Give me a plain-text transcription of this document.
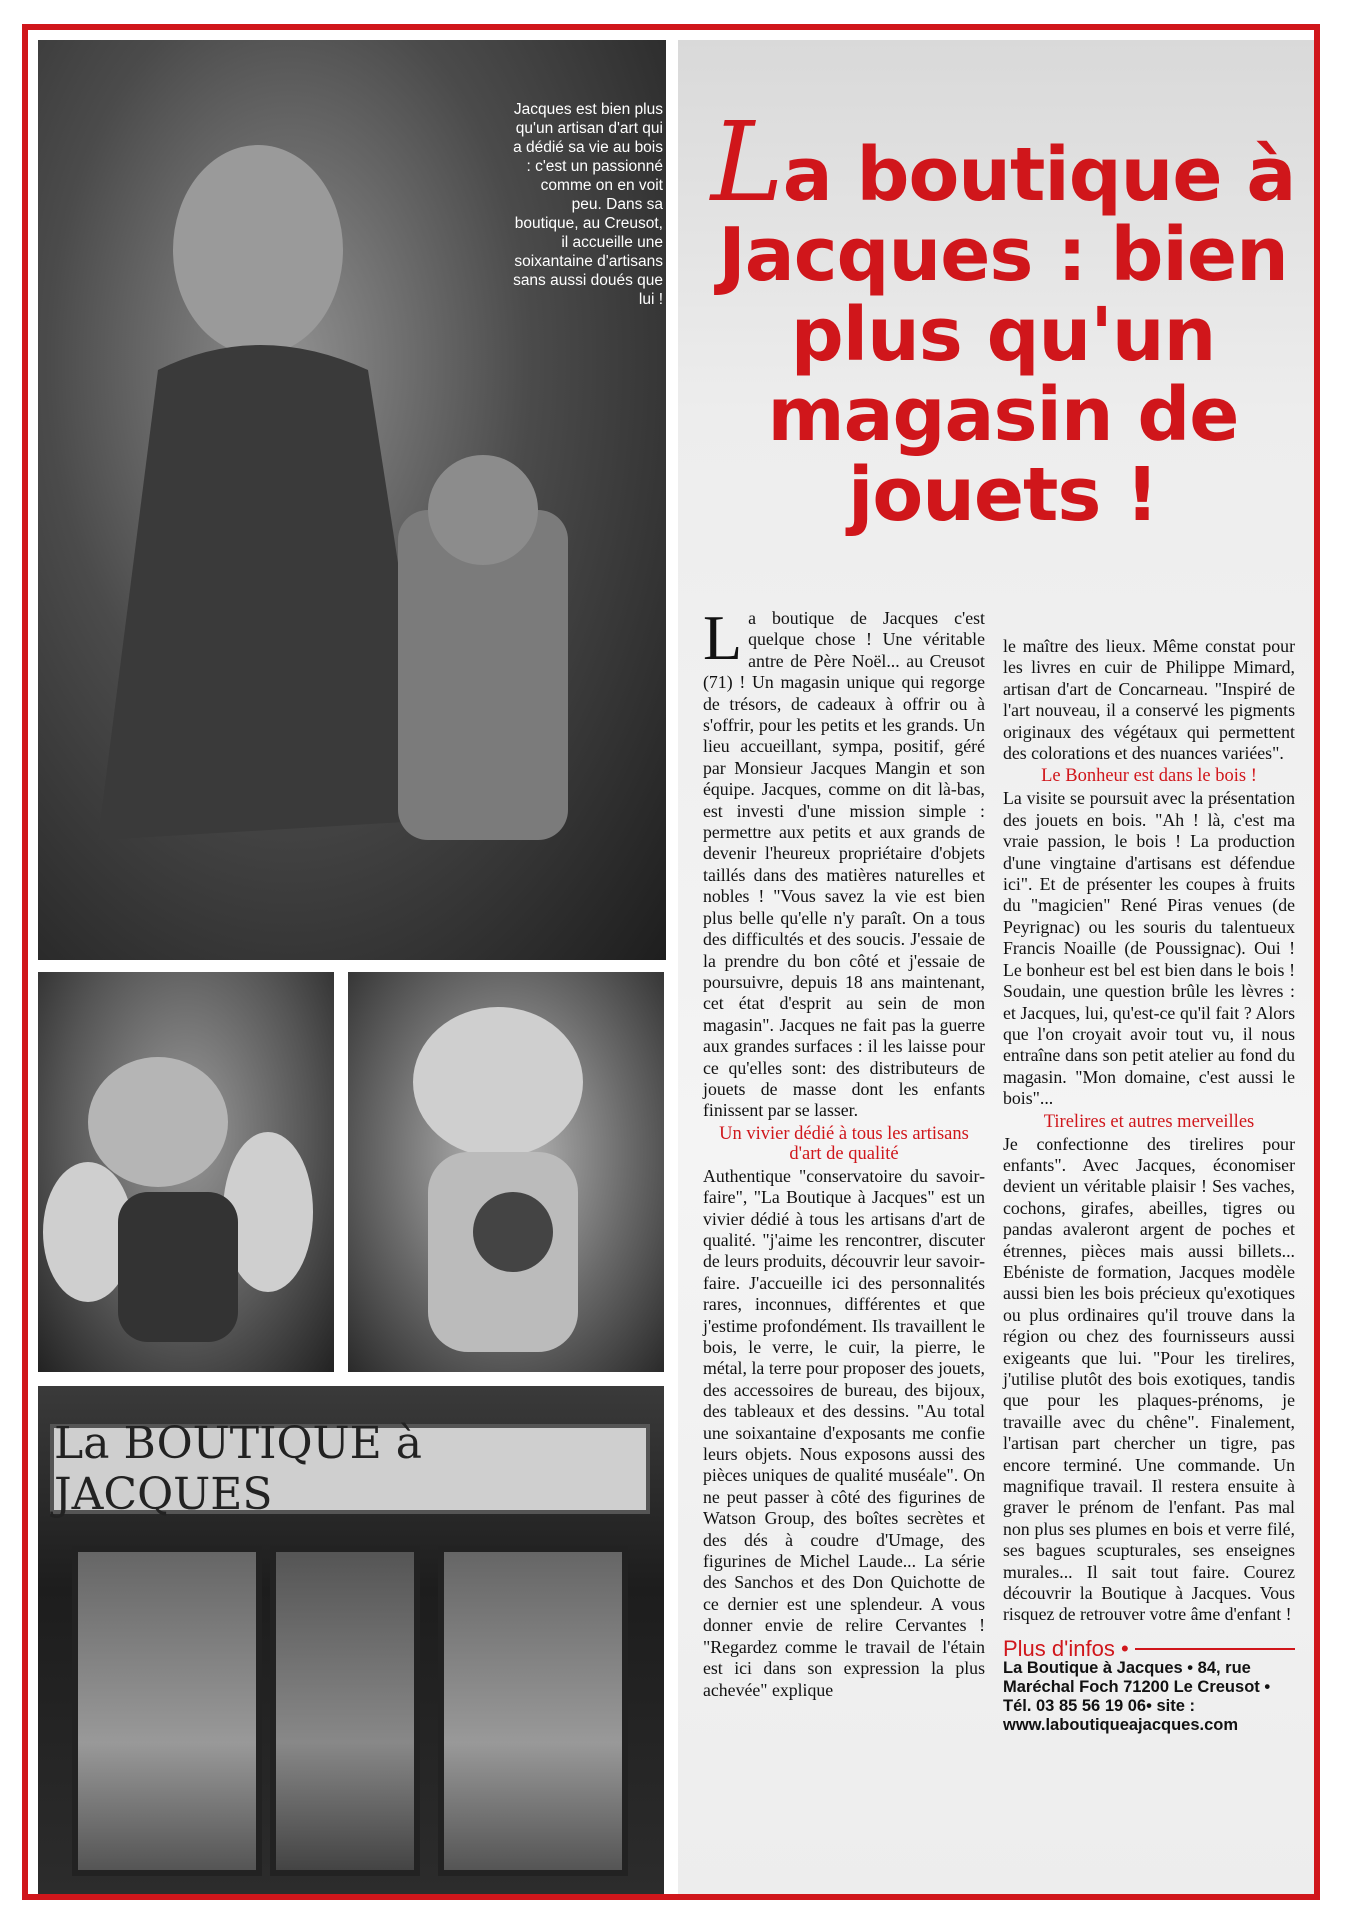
Jacques est bien plus qu'un artisan d'art qui a dédié sa vie au bois : c'est un passionné comme on en voit peu. Dans sa boutique, au Creusot, il accueille une soixantaine d'artisans sans aussi doués que lui !
La BOUTIQUE à JACQUES
La boutique à Jacques : bien plus qu'un magasin de jouets !

La boutique de Jacques c'est quelque chose ! Une véritable antre de Père Noël... au Creusot (71) ! Un magasin unique qui regorge de trésors, de cadeaux à offrir ou à s'offrir, pour les petits et les grands. Un lieu accueillant, sympa, positif, géré par Monsieur Jacques Mangin et son équipe. Jacques, comme on dit là-bas, est investi d'une mission simple : permettre aux petits et aux grands de devenir l'heureux propriétaire d'objets taillés dans des matières naturelles et nobles ! "Vous savez la vie est bien plus belle qu'elle n'y paraît. On a tous des difficultés et des soucis. J'essaie de la prendre du bon côté et j'essaie de poursuivre, depuis 18 ans maintenant, cet état d'esprit au sein de mon magasin". Jacques ne fait pas la guerre aux grandes surfaces : il les laisse pour ce qu'elles sont: des distributeurs de jouets de masse dont les enfants finissent par se lasser.

Un vivier dédié à tous les artisans d'art de qualité

Authentique "conservatoire du savoir-faire", "La Boutique à Jacques" est un vivier dédié à tous les artisans d'art de qualité. "j'aime les rencontrer, discuter de leurs produits, découvrir leur savoir-faire. J'accueille ici des personnalités rares, inconnues, différentes et que j'estime profondément. Ils travaillent le bois, le verre, le cuir, la pierre, le métal, la terre pour proposer des jouets, des accessoires de bureau, des bijoux, des tableaux et des dessins. "Au total une soixantaine d'exposants me confie leurs objets. Nous exposons aussi des pièces uniques de qualité muséale". On ne peut passer à côté des figurines de Watson Group, des boîtes secrètes et des dés à coudre d'Umage, des figurines de Michel Laude... La série des Sanchos et des Don Quichotte de ce dernier est une splendeur. A vous donner envie de relire Cervantes ! "Regardez comme le travail de l'étain est ici dans son expression la plus achevée" explique

le maître des lieux. Même constat pour les livres en cuir de Philippe Mimard, artisan d'art de Concarneau. "Inspiré de l'art nouveau, il a conservé les pigments originaux des végétaux qui permettent des colorations et des nuances variées".

Le Bonheur est dans le bois !

La visite se poursuit avec la présentation des jouets en bois. "Ah ! là, c'est ma vraie passion, le bois ! La production d'une vingtaine d'artisans est défendue ici". Et de présenter les coupes à fruits du "magicien" René Piras venues (de Peyrignac) ou les souris du talentueux Francis Noaille (de Poussignac). Oui ! Le bonheur est bel est bien dans le bois ! Soudain, une question brûle les lèvres : et Jacques, lui, qu'est-ce qu'il fait ? Alors que l'on croyait avoir tout vu, il nous entraîne dans son petit atelier au fond du magasin. "Mon domaine, c'est aussi le bois"...

Tirelires et autres merveilles

Je confectionne des tirelires pour enfants". Avec Jacques, économiser devient un véritable plaisir ! Ses vaches, cochons, girafes, abeilles, tigres ou pandas avaleront argent de poches et étrennes, pièces mais aussi billets... Ebéniste de formation, Jacques modèle aussi bien les bois précieux qu'exotiques ou plus ordinaires qu'il trouve dans la région ou chez des fournisseurs aussi exigeants que lui. "Pour les tirelires, j'utilise plutôt des bois exotiques, tandis que pour les plaques-prénoms, je travaille avec du chêne". Finalement, l'artisan part chercher un tigre, pas encore terminé. Une commande. Un magnifique travail. Il restera ensuite à graver le prénom de l'enfant. Pas mal non plus ses plumes en bois et verre filé, ses bagues scupturales, ses enseignes murales... Il sait tout faire. Courez découvrir la Boutique à Jacques. Vous risquez de retrouver votre âme d'enfant !

Plus d'infos •
La Boutique à Jacques • 84, rue Maréchal Foch 71200 Le Creusot • Tél. 03 85 56 19 06• site : www.laboutiqueajacques.com
